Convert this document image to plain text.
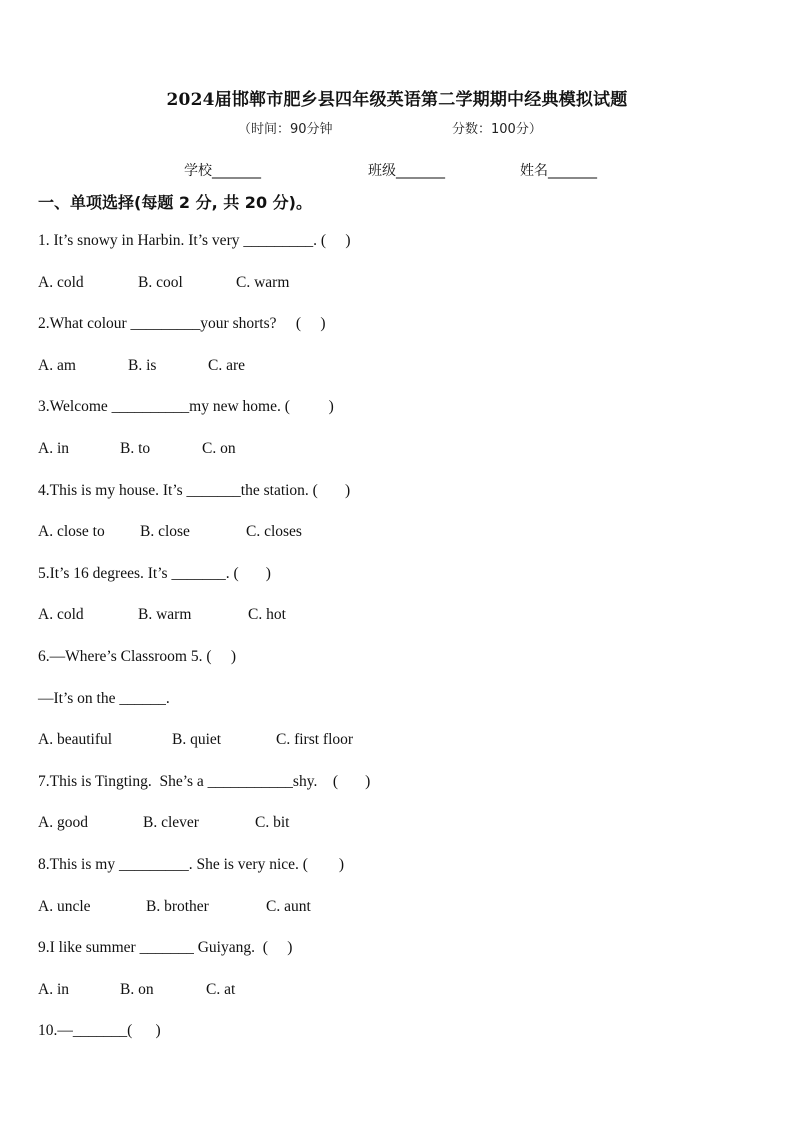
2024届邯郸市肥乡县四年级英语第二学期期中经典模拟试题
（时间：90分钟	分数：100分）
学校_______	班级_______	姓名_______
一、单项选择(每题 2 分, 共 20 分)。
1. It’s snowy in Harbin. It’s very _________. (     )
A. cold	B. cool	C. warm
2.What colour _________your shorts?     (     )
A. am	B. is	C. are
3.Welcome __________my new home. (          )
A. in	B. to	C. on
4.This is my house. It’s _______the station. (       )
A. close to B. close	C. closes
5.It’s 16 degrees. It’s _______. (       )
A. cold	B. warm	C. hot
6.—Where’s Classroom 5. (     )
—It’s on the ______.
A. beautiful	B. quiet	C. first floor
7.This is Tingting.  She’s a ___________shy.    (       )
A. good	B. clever	C. bit
8.This is my _________. She is very nice. (        )
A. uncle	B. brother	C. aunt
9.I like summer _______ Guiyang.  (     )
A. in	B. on	C. at
10.—_______(      )
